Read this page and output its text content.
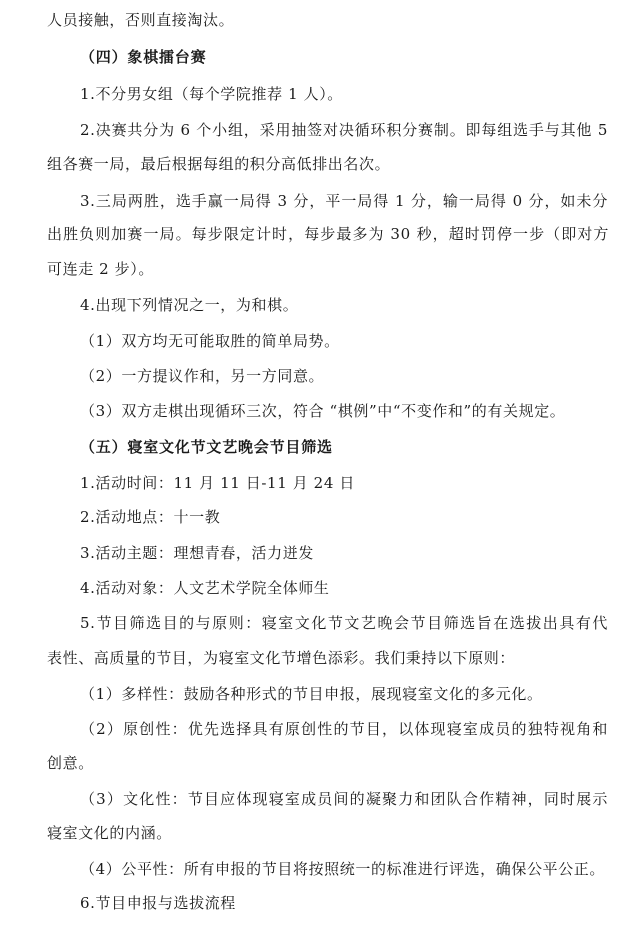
人员接触，否则直接淘汰。
（四）象棋擂台赛
1.不分男女组（每个学院推荐 1 人）。
2.决赛共分为 6 个小组，采用抽签对决循环积分赛制。即每组选手与其他 5
组各赛一局，最后根据每组的积分高低排出名次。
3.三局两胜，选手赢一局得 3 分，平一局得 1 分，输一局得 0 分，如未分
出胜负则加赛一局。每步限定计时，每步最多为 30 秒，超时罚停一步（即对方
可连走 2 步）。
4.出现下列情况之一，为和棋。
（1）双方均无可能取胜的简单局势。
（2）一方提议作和，另一方同意。
（3）双方走棋出现循环三次，符合 “棋例”中“不变作和”的有关规定。
（五）寝室文化节文艺晚会节目筛选
1.活动时间：11 月 11 日-11 月 24 日
2.活动地点：十一教
3.活动主题：理想青春，活力迸发
4.活动对象：人文艺术学院全体师生
5.节目筛选目的与原则：寝室文化节文艺晚会节目筛选旨在选拔出具有代
表性、高质量的节目，为寝室文化节增色添彩。我们秉持以下原则：
（1）多样性：鼓励各种形式的节目申报，展现寝室文化的多元化。
（2）原创性：优先选择具有原创性的节目，以体现寝室成员的独特视角和
创意。
（3）文化性：节目应体现寝室成员间的凝聚力和团队合作精神，同时展示
寝室文化的内涵。
（4）公平性：所有申报的节目将按照统一的标准进行评选，确保公平公正。
6.节目申报与选拔流程
